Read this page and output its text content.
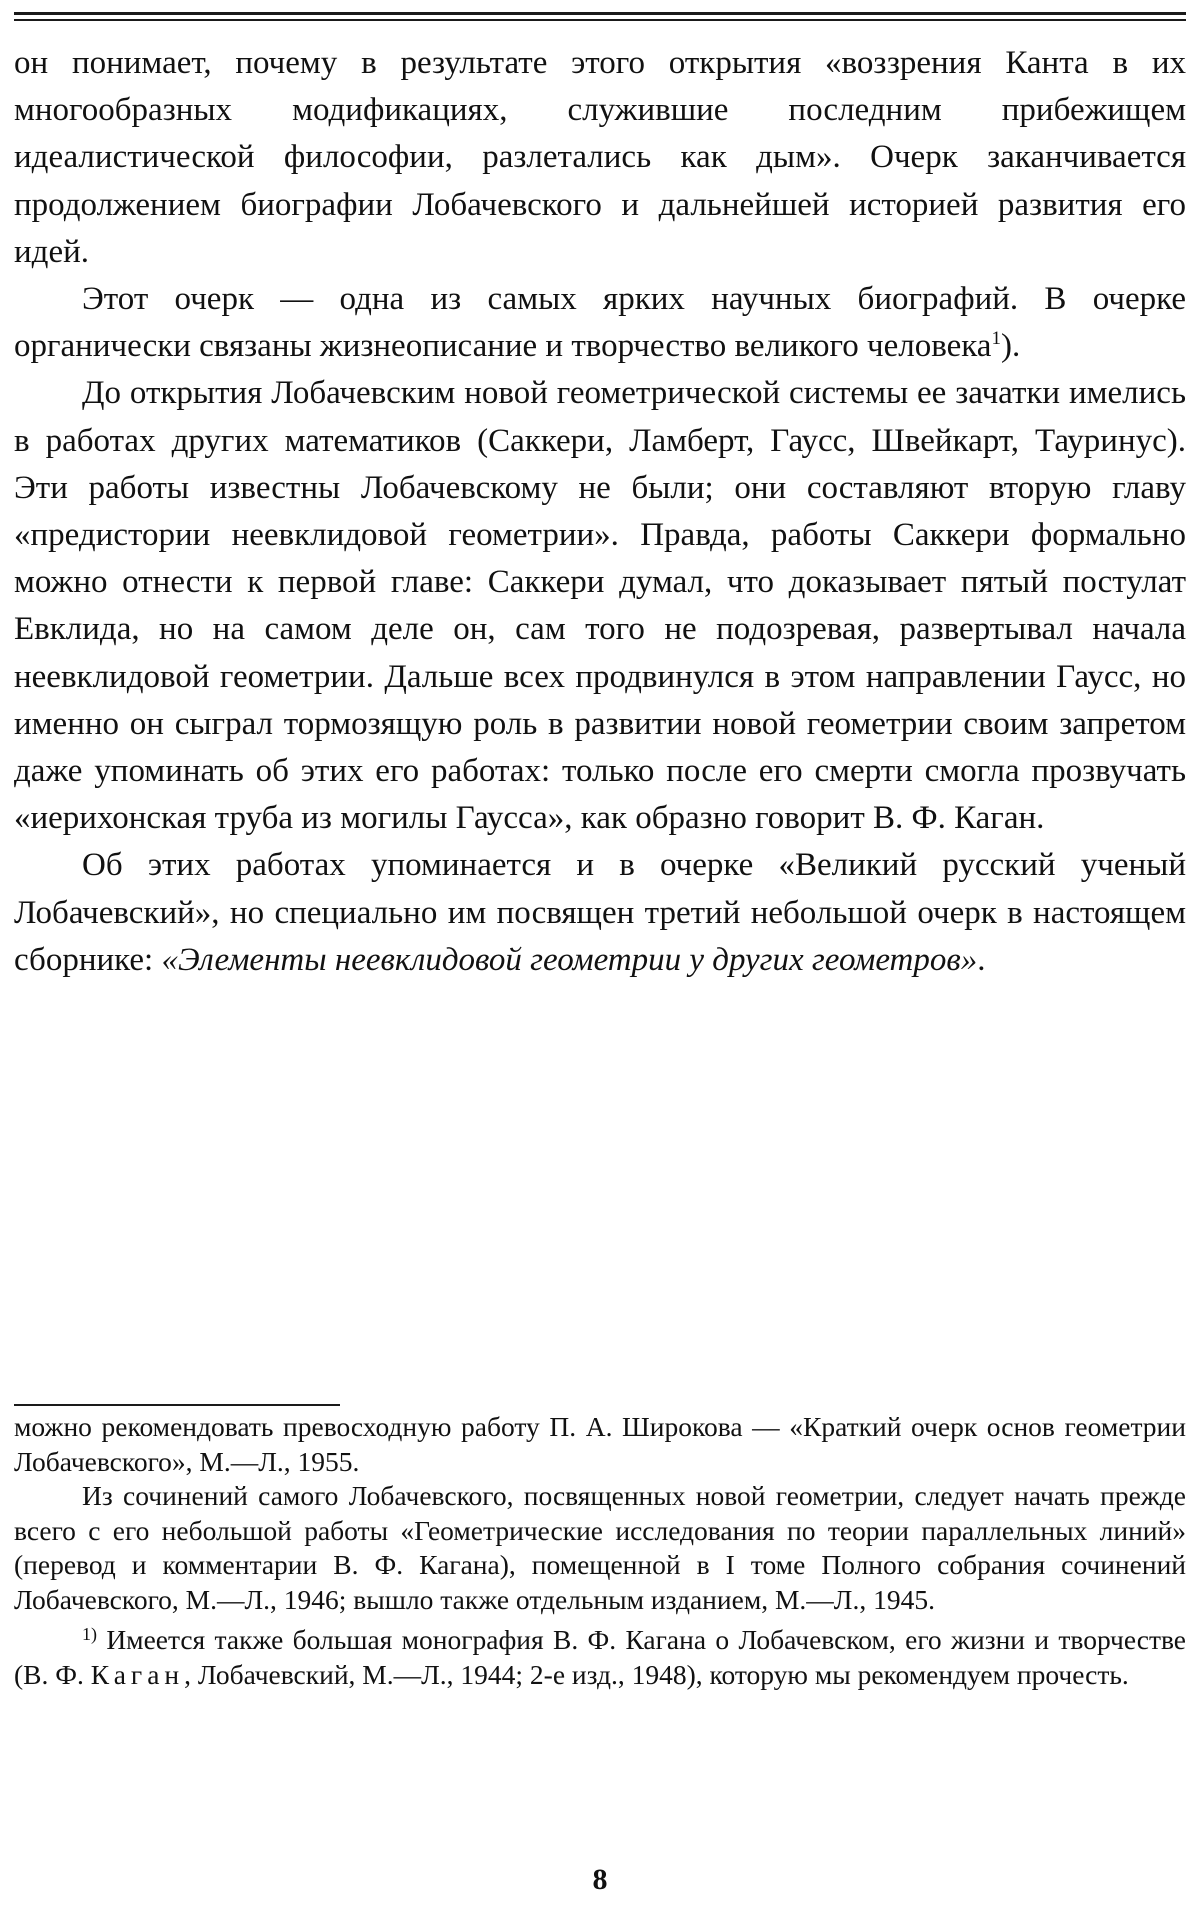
он понимает, почему в результате этого открытия «воззрения Канта в их многообразных модификациях, служившие последним прибежищем идеалистической философии, разлетались как дым». Очерк заканчивается продолжением биографии Лобачевского и дальнейшей историей развития его идей.

Этот очерк — одна из самых ярких научных биографий. В очерке органически связаны жизнеописание и творчество великого человека$^1$).

До открытия Лобачевским новой геометрической системы ее зачатки имелись в работах других математиков (Саккери, Ламберт, Гаусс, Швейкарт, Тауринус). Эти работы известны Лобачевскому не были; они составляют вторую главу «предистории неевклидовой геометрии». Правда, работы Саккери формально можно отнести к первой главе: Саккери думал, что доказывает пятый постулат Евклида, но на самом деле он, сам того не подозревая, развертывал начала неевклидовой геометрии. Дальше всех продвинулся в этом направлении Гаусс, но именно он сыграл тормозящую роль в развитии новой геометрии своим запретом даже упоминать об этих его работах: только после его смерти смогла прозвучать «иерихонская труба из могилы Гаусса», как образно говорит В. Ф. Каган.

Об этих работах упоминается и в очерке «Великий русский ученый Лобачевский», но специально им посвящен третий небольшой очерк в настоящем сборнике: «Элементы неевклидовой геометрии у других геометров».

можно рекомендовать превосходную работу П. А. Широкова — «Краткий очерк основ геометрии Лобачевского», М.—Л., 1955.

Из сочинений самого Лобачевского, посвященных новой геометрии, следует начать прежде всего с его небольшой работы «Геометрические исследования по теории параллельных линий» (перевод и комментарии В. Ф. Кагана), помещенной в I томе Полного собрания сочинений Лобачевского, М.—Л., 1946; вышло также отдельным изданием, М.—Л., 1945.

$^{1)}$ Имеется также большая монография В. Ф. Кагана о Лобачевском, его жизни и творчестве (В. Ф. Каган, Лобачевский, М.—Л., 1944; 2-е изд., 1948), которую мы рекомендуем прочесть.

8
